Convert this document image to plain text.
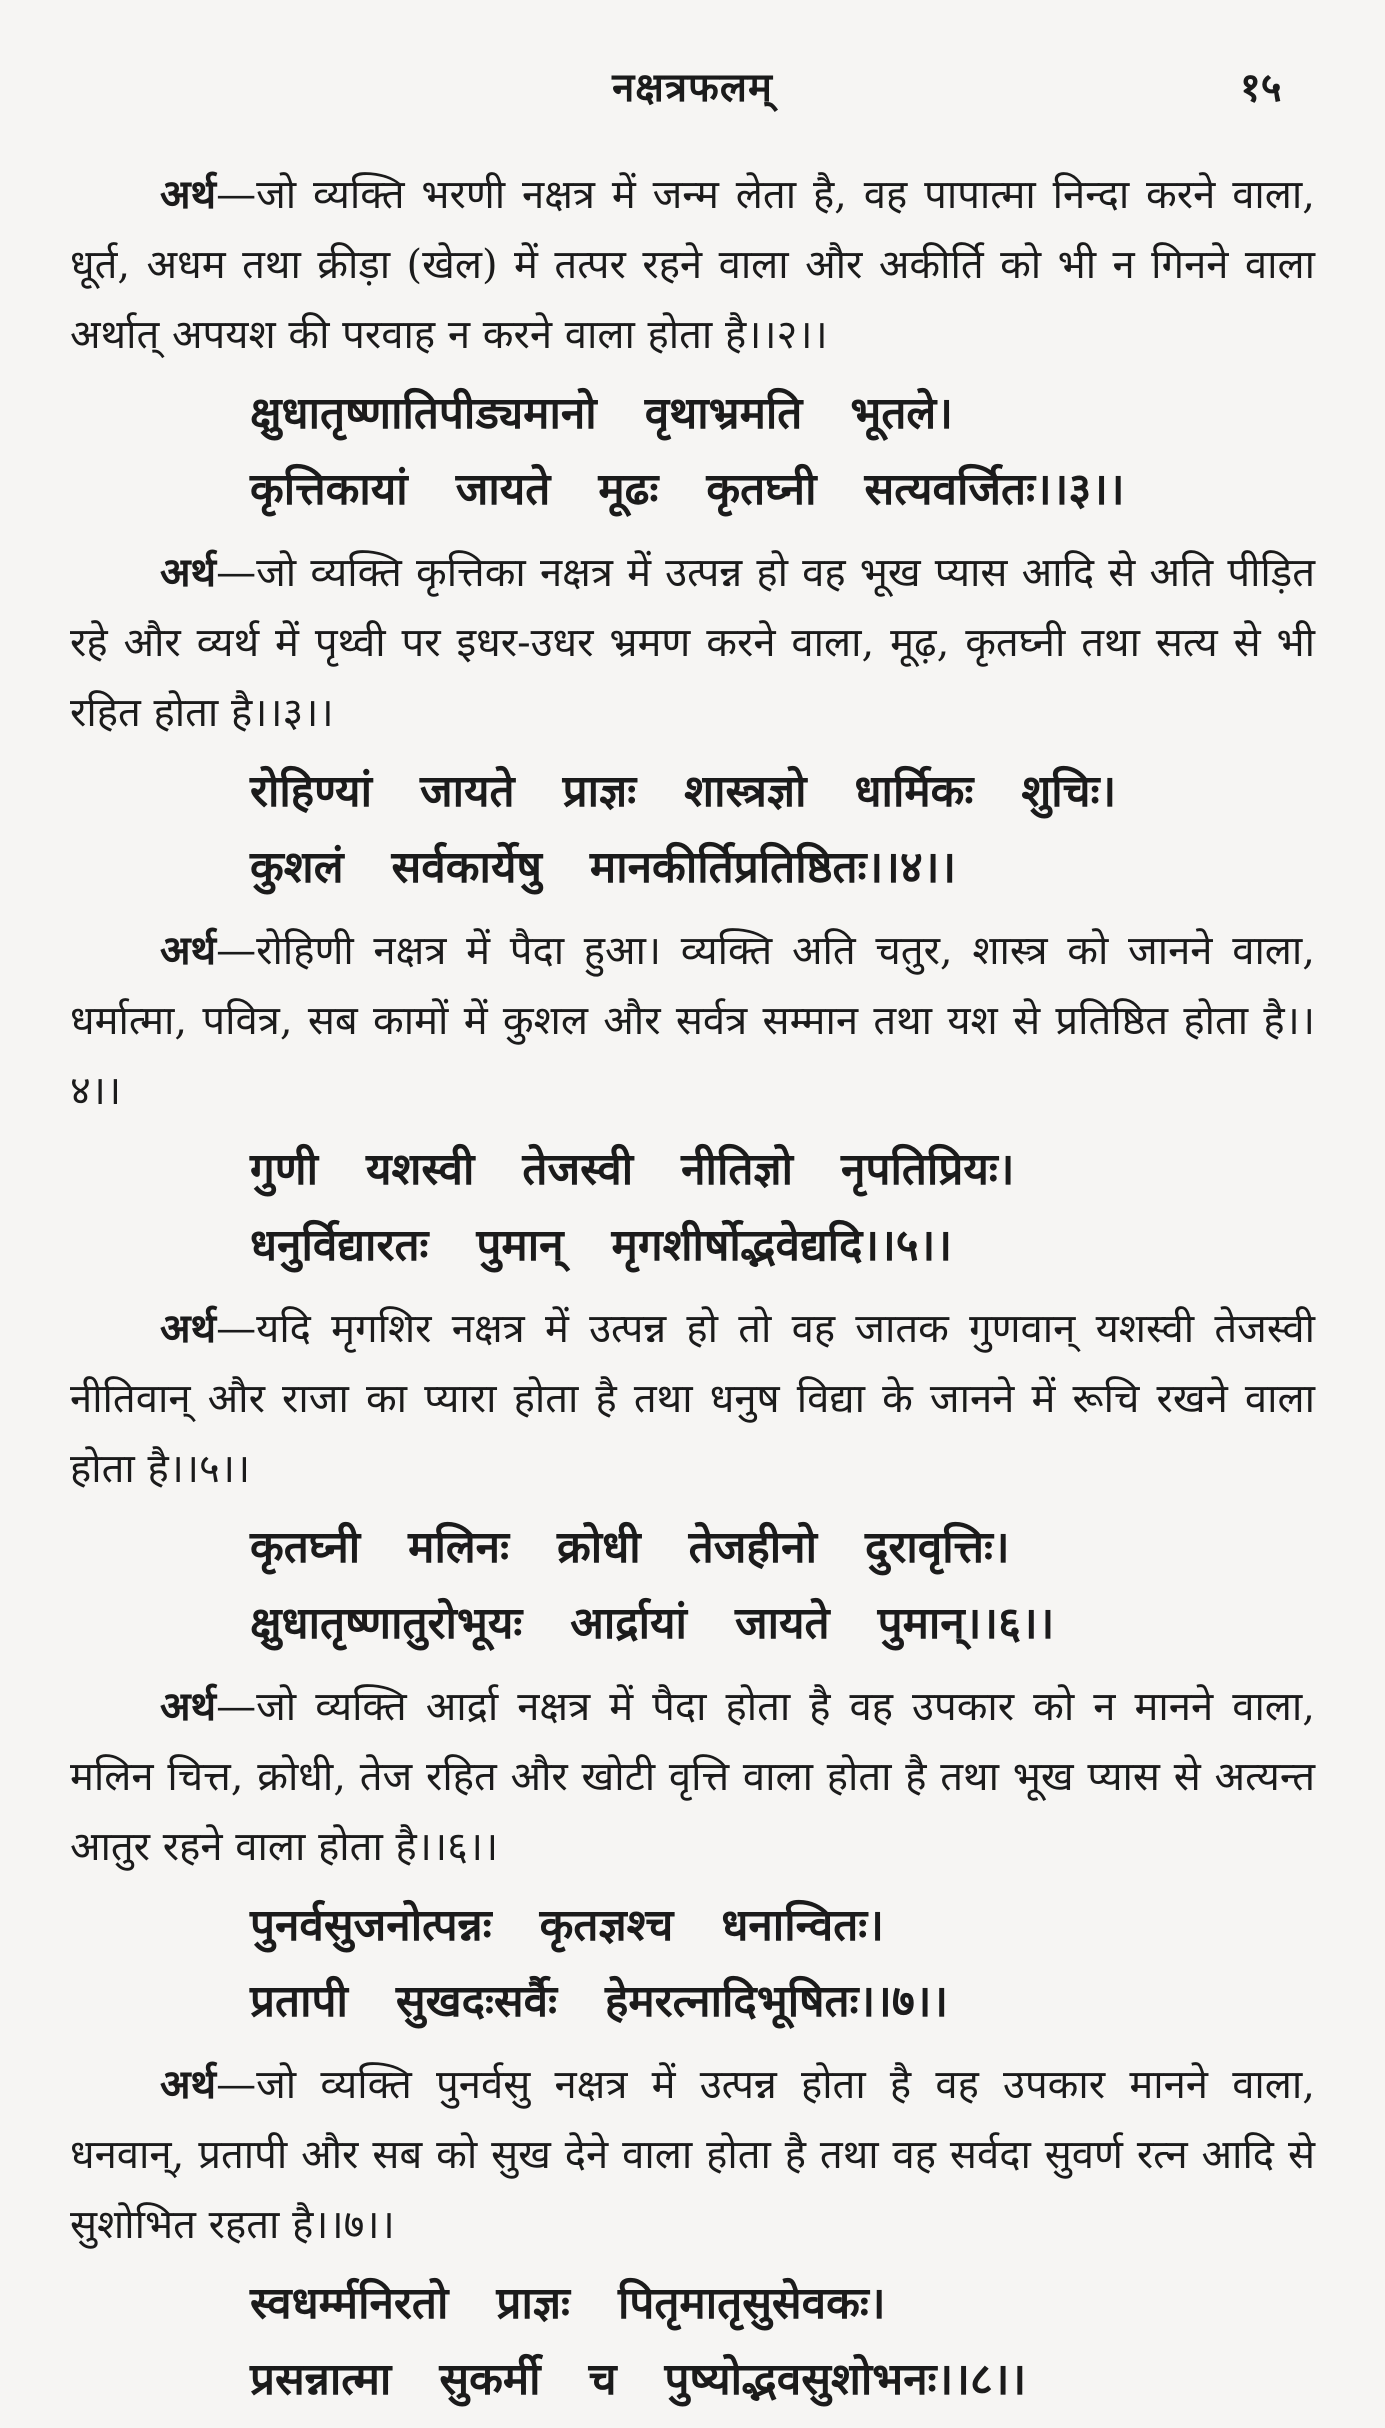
नक्षत्रफलम्	१५

अर्थ—जो व्यक्ति भरणी नक्षत्र में जन्म लेता है, वह पापात्मा निन्दा करने वाला, धूर्त, अधम तथा क्रीड़ा (खेल) में तत्पर रहने वाला और अकीर्ति को भी न गिनने वाला अर्थात् अपयश की परवाह न करने वाला होता है।।२।।

क्षुधातृष्णातिपीड्यमानो वृथाभ्रमति भूतले।
कृत्तिकायां जायते मूढः कृतघ्नी सत्यवर्जितः।।३।।

अर्थ—जो व्यक्ति कृत्तिका नक्षत्र में उत्पन्न हो वह भूख प्यास आदि से अति पीड़ित रहे और व्यर्थ में पृथ्वी पर इधर-उधर भ्रमण करने वाला, मूढ़, कृतघ्नी तथा सत्य से भी रहित होता है।।३।।

रोहिण्यां जायते प्राज्ञः शास्त्रज्ञो धार्मिकः शुचिः।
कुशलं सर्वकार्येषु मानकीर्तिप्रतिष्ठितः।।४।।

अर्थ—रोहिणी नक्षत्र में पैदा हुआ। व्यक्ति अति चतुर, शास्त्र को जानने वाला, धर्मात्मा, पवित्र, सब कामों में कुशल और सर्वत्र सम्मान तथा यश से प्रतिष्ठित होता है।।४।।

गुणी यशस्वी तेजस्वी नीतिज्ञो नृपतिप्रियः।
धनुर्विद्यारतः पुमान् मृगशीर्षोद्भवेद्यदि।।५।।

अर्थ—यदि मृगशिर नक्षत्र में उत्पन्न हो तो वह जातक गुणवान् यशस्वी तेजस्वी नीतिवान् और राजा का प्यारा होता है तथा धनुष विद्या के जानने में रूचि रखने वाला होता है।।५।।

कृतघ्नी मलिनः क्रोधी तेजहीनो दुरावृत्तिः।
क्षुधातृष्णातुरोभूयः आर्द्रायां जायते पुमान्।।६।।

अर्थ—जो व्यक्ति आर्द्रा नक्षत्र में पैदा होता है वह उपकार को न मानने वाला, मलिन चित्त, क्रोधी, तेज रहित और खोटी वृत्ति वाला होता है तथा भूख प्यास से अत्यन्त आतुर रहने वाला होता है।।६।।

पुनर्वसुजनोत्पन्नः कृतज्ञश्च धनान्वितः।
प्रतापी सुखदःसर्वैः हेमरत्नादिभूषितः।।७।।

अर्थ—जो व्यक्ति पुनर्वसु नक्षत्र में उत्पन्न होता है वह उपकार मानने वाला, धनवान्, प्रतापी और सब को सुख देने वाला होता है तथा वह सर्वदा सुवर्ण रत्न आदि से सुशोभित रहता है।।७।।

स्वधर्म्मनिरतो प्राज्ञः पितृमातृसुसेवकः।
प्रसन्नात्मा सुकर्मी च पुष्योद्भवसुशोभनः।।८।।
